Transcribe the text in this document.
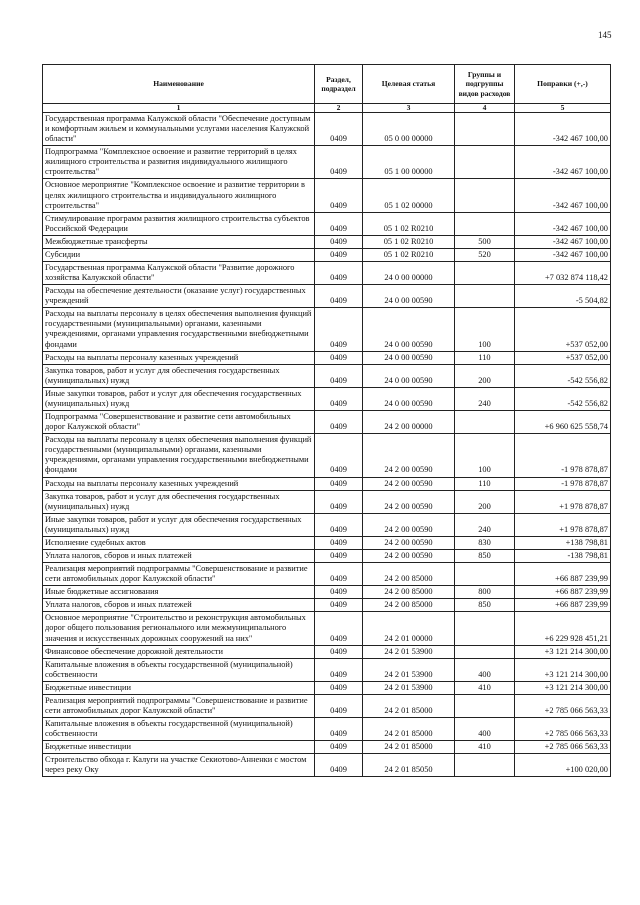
145
Наименование	Раздел, подраздел	Целевая статья	Группы и подгруппы видов расходов	Поправки (+,-)
1	2	3	4	5
Государственная программа Калужской области "Обеспечение доступным и комфортным жильем и коммунальными услугами населения Калужской области"	0409	05 0 00 00000		-342 467 100,00
Подпрограмма "Комплексное освоение и развитие территорий в целях жилищного строительства и развития индивидуального жилищного строительства"	0409	05 1 00 00000		-342 467 100,00
Основное мероприятие "Комплексное освоение и развитие территории в целях жилищного строительства и индивидуального жилищного строительства"	0409	05 1 02 00000		-342 467 100,00
Стимулирование программ развития жилищного строительства субъектов Российской Федерации	0409	05 1 02 R0210		-342 467 100,00
Межбюджетные трансферты	0409	05 1 02 R0210	500	-342 467 100,00
Субсидии	0409	05 1 02 R0210	520	-342 467 100,00
Государственная программа Калужской области "Развитие дорожного хозяйства Калужской области"	0409	24 0 00 00000		+7 032 874 118,42
Расходы на обеспечение деятельности (оказание услуг) государственных учреждений	0409	24 0 00 00590		-5 504,82
Расходы на выплаты персоналу в целях обеспечения выполнения функций государственными (муниципальными) органами, казенными учреждениями, органами управления государственными внебюджетными фондами	0409	24 0 00 00590	100	+537 052,00
Расходы на выплаты персоналу казенных учреждений	0409	24 0 00 00590	110	+537 052,00
Закупка товаров, работ и услуг для обеспечения государственных (муниципальных) нужд	0409	24 0 00 00590	200	-542 556,82
Иные закупки товаров, работ и услуг для обеспечения государственных (муниципальных) нужд	0409	24 0 00 00590	240	-542 556,82
Подпрограмма "Совершенствование и развитие сети автомобильных дорог Калужской области"	0409	24 2 00 00000		+6 960 625 558,74
Расходы на выплаты персоналу в целях обеспечения выполнения функций государственными (муниципальными) органами, казенными учреждениями, органами управления государственными внебюджетными фондами	0409	24 2 00 00590	100	-1 978 878,87
Расходы на выплаты персоналу казенных учреждений	0409	24 2 00 00590	110	-1 978 878,87
Закупка товаров, работ и услуг для обеспечения государственных (муниципальных) нужд	0409	24 2 00 00590	200	+1 978 878,87
Иные закупки товаров, работ и услуг для обеспечения государственных (муниципальных) нужд	0409	24 2 00 00590	240	+1 978 878,87
Исполнение судебных актов	0409	24 2 00 00590	830	+138 798,81
Уплата налогов, сборов и иных платежей	0409	24 2 00 00590	850	-138 798,81
Реализация мероприятий подпрограммы "Совершенствование и развитие сети автомобильных дорог Калужской области"	0409	24 2 00 85000		+66 887 239,99
Иные бюджетные ассигнования	0409	24 2 00 85000	800	+66 887 239,99
Уплата налогов, сборов и иных платежей	0409	24 2 00 85000	850	+66 887 239,99
Основное мероприятие "Строительство и реконструкция автомобильных дорог общего пользования регионального или межмуниципального значения и искусственных дорожных сооружений на них"	0409	24 2 01 00000		+6 229 928 451,21
Финансовое обеспечение дорожной деятельности	0409	24 2 01 53900		+3 121 214 300,00
Капитальные вложения в объекты государственной (муниципальной) собственности	0409	24 2 01 53900	400	+3 121 214 300,00
Бюджетные инвестиции	0409	24 2 01 53900	410	+3 121 214 300,00
Реализация мероприятий подпрограммы "Совершенствование и развитие сети автомобильных дорог Калужской области"	0409	24 2 01 85000		+2 785 066 563,33
Капитальные вложения в объекты государственной (муниципальной) собственности	0409	24 2 01 85000	400	+2 785 066 563,33
Бюджетные инвестиции	0409	24 2 01 85000	410	+2 785 066 563,33
Строительство обхода г. Калуги на участке Секиотово-Анненки с мостом через реку Оку	0409	24 2 01 85050		+100 020,00
